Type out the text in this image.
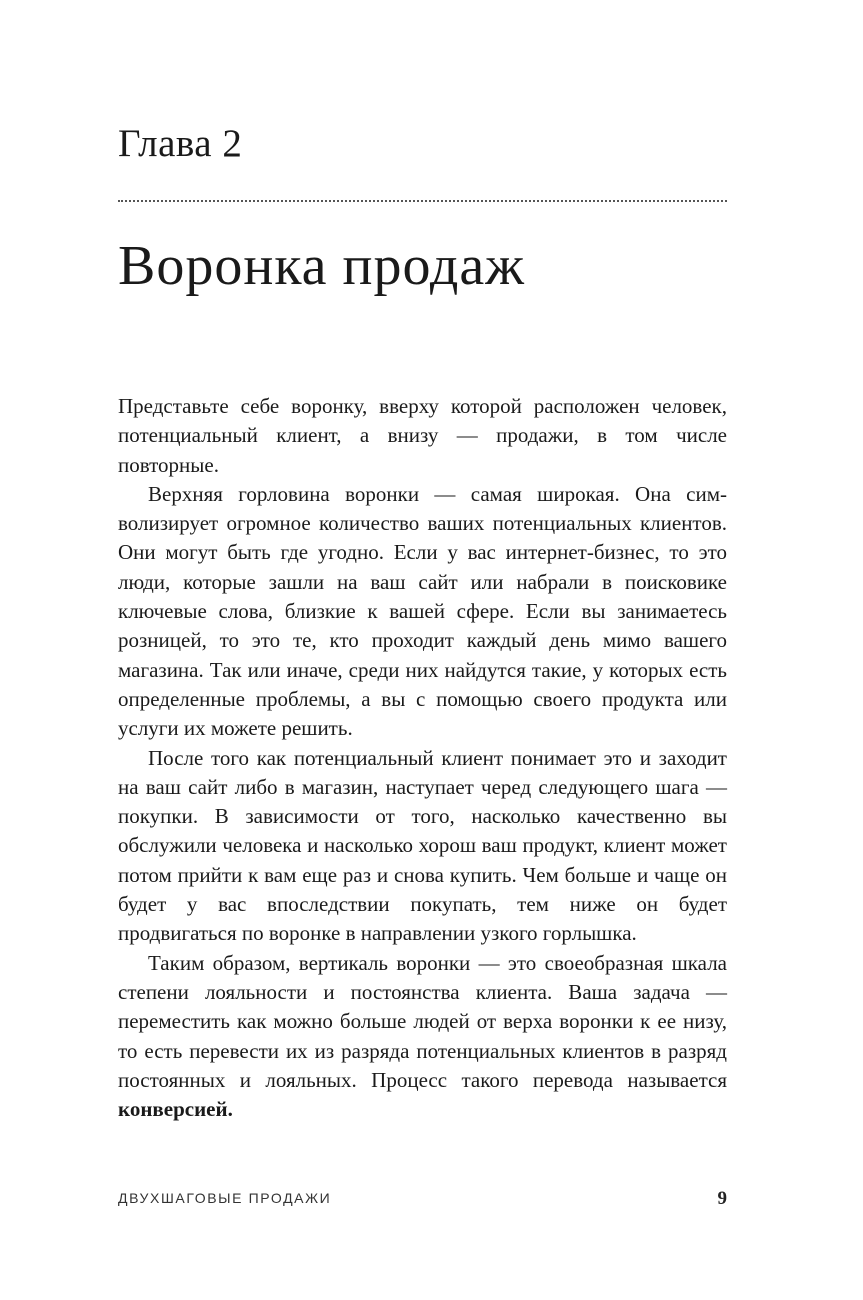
Глава 2
Воронка продаж

Представьте себе воронку, вверху которой расположен человек, потенциальный клиент, а внизу — продажи, в том числе повторные.

Верхняя горловина воронки — самая широкая. Она символизирует огромное количество ваших потенциальных клиентов. Они могут быть где угодно. Если у вас интернет-бизнес, то это люди, которые зашли на ваш сайт или набрали в поисковике ключевые слова, близкие к вашей сфере. Если вы занимаетесь розницей, то это те, кто проходит каждый день мимо вашего магазина. Так или иначе, среди них найдутся такие, у которых есть определенные проблемы, а вы с помощью своего продукта или услуги их можете решить.

После того как потенциальный клиент понимает это и заходит на ваш сайт либо в магазин, наступает черед следующего шага — покупки. В зависимости от того, насколько качественно вы обслужили человека и насколько хорош ваш продукт, клиент может потом прийти к вам еще раз и снова купить. Чем больше и чаще он будет у вас впоследствии покупать, тем ниже он будет продвигаться по воронке в направлении узкого горлышка.

Таким образом, вертикаль воронки — это своеобразная шкала степени лояльности и постоянства клиента. Ваша задача — переместить как можно больше людей от верха воронки к ее низу, то есть перевести их из разряда потенциальных клиентов в разряд постоянных и лояльных. Процесс такого перевода называется конверсией.

ДВУХШАГОВЫЕ ПРОДАЖИ	9
